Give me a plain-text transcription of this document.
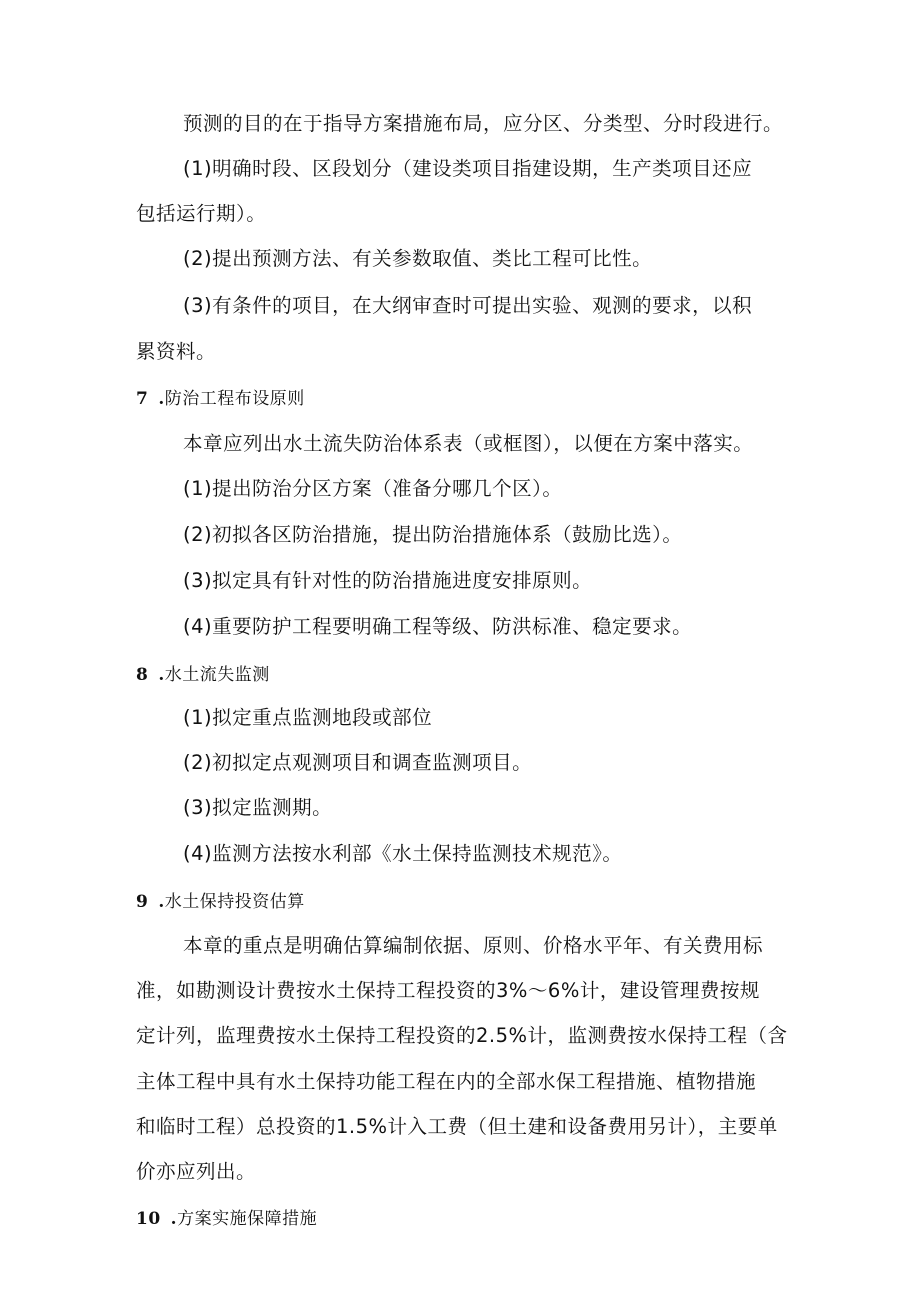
预测的目的在于指导方案措施布局，应分区、分类型、分时段进行。
(1)明确时段、区段划分（建设类项目指建设期，生产类项目还应
包括运行期）。
(2)提出预测方法、有关参数取值、类比工程可比性。
(3)有条件的项目，在大纲审查时可提出实验、观测的要求，以积
累资料。
7 .防治工程布设原则
本章应列出水土流失防治体系表（或框图），以便在方案中落实。
(1)提出防治分区方案（准备分哪几个区）。
(2)初拟各区防治措施，提出防治措施体系（鼓励比选）。
(3)拟定具有针对性的防治措施进度安排原则。
(4)重要防护工程要明确工程等级、防洪标准、稳定要求。
8 .水土流失监测
(1)拟定重点监测地段或部位
(2)初拟定点观测项目和调查监测项目。
(3)拟定监测期。
(4)监测方法按水利部《水土保持监测技术规范》。
9 .水土保持投资估算
本章的重点是明确估算编制依据、原则、价格水平年、有关费用标
准，如勘测设计费按水土保持工程投资的3%〜6%计，建设管理费按规
定计列，监理费按水土保持工程投资的2.5%计，监测费按水保持工程（含
主体工程中具有水土保持功能工程在内的全部水保工程措施、植物措施
和临时工程）总投资的1.5%计入工费（但土建和设备费用另计），主要单
价亦应列出。
10 .方案实施保障措施
